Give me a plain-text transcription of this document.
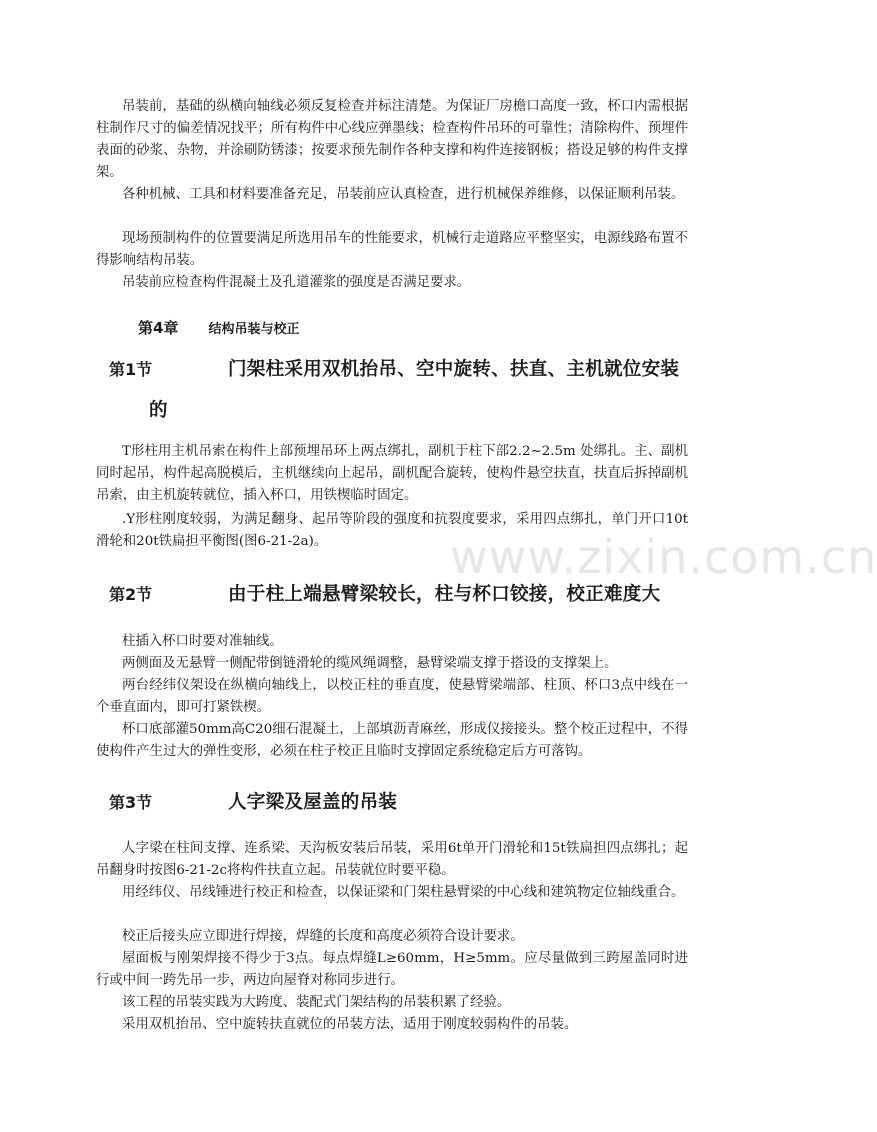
www.zixin.com.cn

吊装前，基础的纵横向轴线必须反复检查并标注清楚。为保证厂房檐口高度一致，杯口内需根据柱制作尺寸的偏差情况找平；所有构件中心线应弹墨线；检查构件吊环的可靠性；清除构件、预埋件表面的砂浆、杂物，并涂刷防锈漆；按要求预先制作各种支撑和构件连接钢板；搭设足够的构件支撑架。

各种机械、工具和材料要准备充足，吊装前应认真检查，进行机械保养维修，以保证顺利吊装。

现场预制构件的位置要满足所选用吊车的性能要求，机械行走道路应平整坚实，电源线路布置不得影响结构吊装。

吊装前应检查构件混凝土及孔道灌浆的强度是否满足要求。

第4章 结构吊装与校正
第1节	门架柱采用双机抬吊、空中旋转、扶直、主机就位安装
的

T形柱用主机吊索在构件上部预埋吊环上两点绑扎，副机于柱下部2.2~2.5m 处绑扎。主、副机同时起吊，构件起高脱模后，主机继续向上起吊，副机配合旋转，使构件悬空扶直，扶直后拆掉副机吊索，由主机旋转就位，插入杯口，用铁楔临时固定。

.Y形柱刚度较弱，为满足翻身、起吊等阶段的强度和抗裂度要求，采用四点绑扎，单门开口10t滑轮和20t铁扁担平衡图(图6-21-2a)。

第2节	由于柱上端悬臂梁较长，柱与杯口铰接，校正难度大

柱插入杯口时要对准轴线。

两侧面及无悬臂一侧配带倒链滑轮的缆风绳调整，悬臂梁端支撑于搭设的支撑架上。

两台经纬仪架设在纵横向轴线上，以校正柱的垂直度，使悬臂梁端部、柱顶、杯口3点中线在一个垂直面内，即可打紧铁楔。

杯口底部灌50mm高C20细石混凝土，上部填沥青麻丝，形成仪接接头。整个校正过程中，不得使构件产生过大的弹性变形，必须在柱子校正且临时支撑固定系统稳定后方可落钩。

第3节	人字梁及屋盖的吊装

人字梁在柱间支撑、连系梁、天沟板安装后吊装，采用6t单开门滑轮和15t铁扁担四点绑扎；起吊翻身时按图6-21-2c将构件扶直立起。吊装就位时要平稳。

用经纬仪、吊线锤进行校正和检查，以保证梁和门架柱悬臂梁的中心线和建筑物定位轴线重合。

校正后接头应立即进行焊接，焊缝的长度和高度必须符合设计要求。

屋面板与刚架焊接不得少于3点。每点焊缝L≥60mm，H≥5mm。应尽量做到三跨屋盖同时进行或中间一跨先吊一步，两边向屋脊对称同步进行。

该工程的吊装实践为大跨度、装配式门架结构的吊装积累了经验。

采用双机抬吊、空中旋转扶直就位的吊装方法，适用于刚度较弱构件的吊装。
